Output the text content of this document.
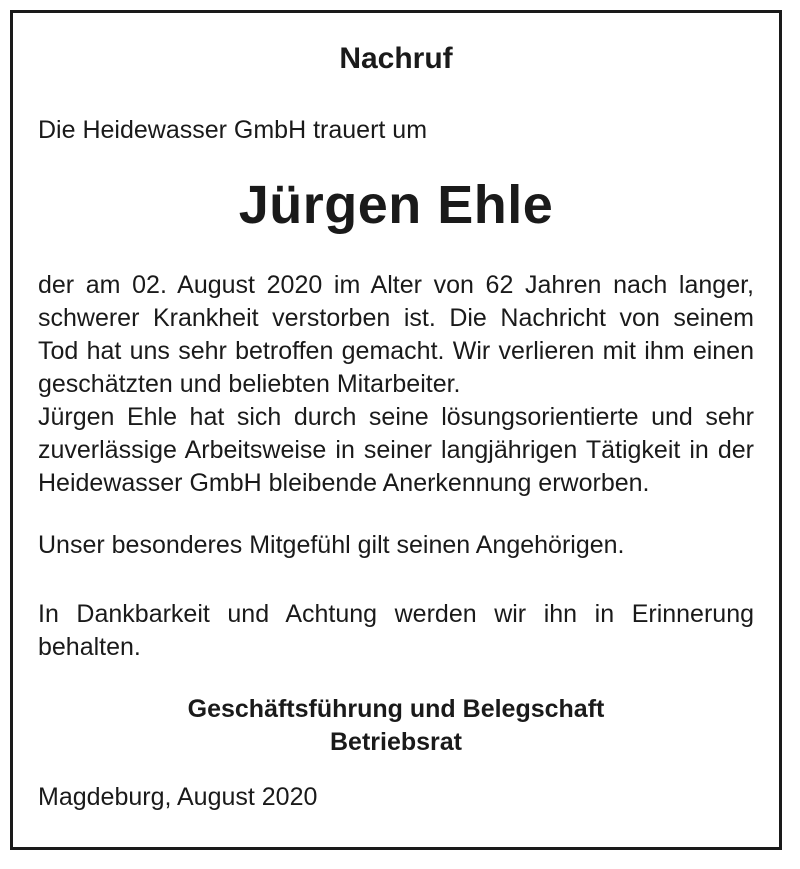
Nachruf
Die Heidewasser GmbH trauert um
Jürgen Ehle

der am 02. August 2020 im Alter von 62 Jahren nach langer, schwerer Krankheit verstorben ist. Die Nachricht von seinem Tod hat uns sehr betroffen gemacht. Wir verlieren mit ihm einen geschätzten und beliebten Mitarbeiter.

Jürgen Ehle hat sich durch seine lösungsorientierte und sehr zuverlässige Arbeitsweise in seiner langjährigen Tätigkeit in der Heidewasser GmbH bleibende Anerkennung erworben.

Unser besonderes Mitgefühl gilt seinen Angehörigen.
In Dankbarkeit und Achtung werden wir ihn in Erinnerung behalten.
Geschäftsführung und Belegschaft
Betriebsrat
Magdeburg, August 2020
